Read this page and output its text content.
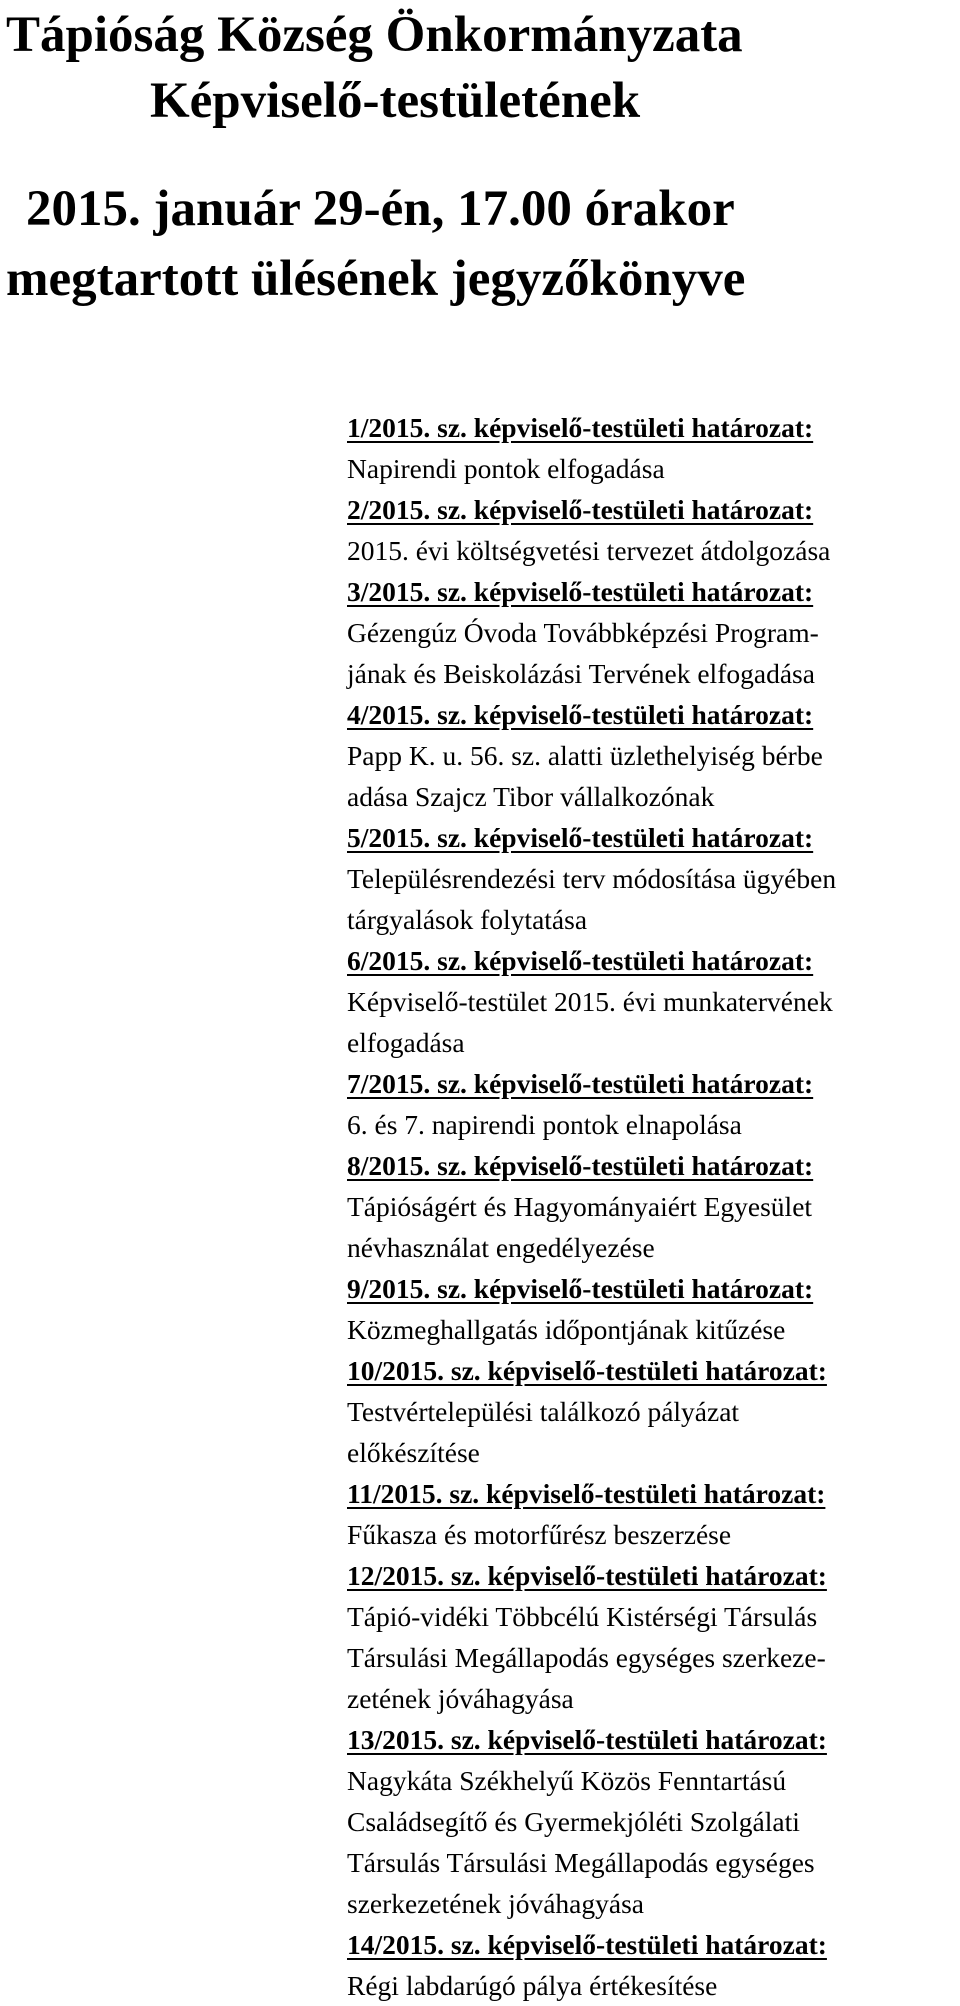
Tápióság Község Önkormányzata
Képviselő-testületének
2015. január 29-én, 17.00 órakor
megtartott ülésének jegyzőkönyve
1/2015. sz. képviselő-testületi határozat:
Napirendi pontok elfogadása
2/2015. sz. képviselő-testületi határozat:
2015. évi költségvetési tervezet átdolgozása
3/2015. sz. képviselő-testületi határozat:
Gézengúz Óvoda Továbbképzési Program-
jának és Beiskolázási Tervének elfogadása
4/2015. sz. képviselő-testületi határozat:
Papp K. u. 56. sz. alatti üzlethelyiség bérbe
adása Szajcz Tibor vállalkozónak
5/2015. sz. képviselő-testületi határozat:
Településrendezési terv módosítása ügyében
tárgyalások folytatása
6/2015. sz. képviselő-testületi határozat:
Képviselő-testület 2015. évi munkatervének
elfogadása
7/2015. sz. képviselő-testületi határozat:
6. és 7. napirendi pontok elnapolása
8/2015. sz. képviselő-testületi határozat:
Tápióságért és Hagyományaiért Egyesület
névhasználat engedélyezése
9/2015. sz. képviselő-testületi határozat:
Közmeghallgatás időpontjának kitűzése
10/2015. sz. képviselő-testületi határozat:
Testvértelepülési találkozó pályázat
előkészítése
11/2015. sz. képviselő-testületi határozat:
Fűkasza és motorfűrész beszerzése
12/2015. sz. képviselő-testületi határozat:
Tápió-vidéki Többcélú Kistérségi Társulás
Társulási Megállapodás egységes szerkeze-
zetének jóváhagyása
13/2015. sz. képviselő-testületi határozat:
Nagykáta Székhelyű Közös Fenntartású
Családsegítő és Gyermekjóléti Szolgálati
Társulás Társulási Megállapodás egységes
szerkezetének jóváhagyása
14/2015. sz. képviselő-testületi határozat:
Régi labdarúgó pálya értékesítése
